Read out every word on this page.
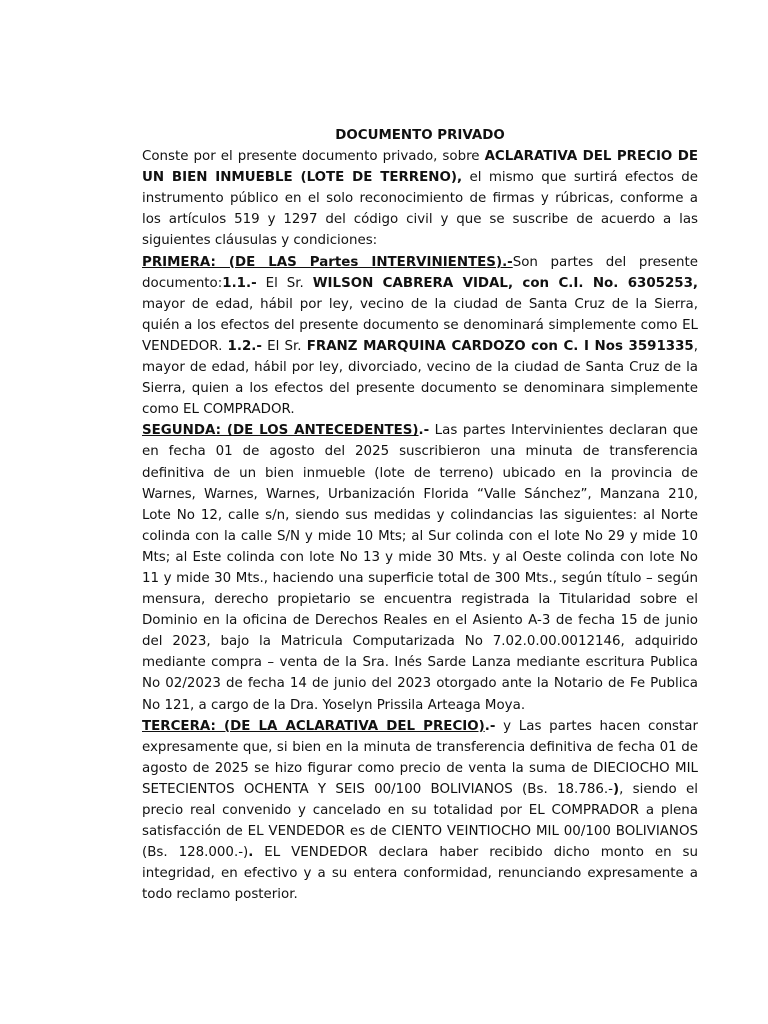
DOCUMENTO PRIVADO

Conste por el presente documento privado, sobre ACLARATIVA DEL PRECIO DE UN BIEN INMUEBLE (LOTE DE TERRENO), el mismo que surtirá efectos de instrumento público en el solo reconocimiento de firmas y rúbricas, conforme a los artículos 519 y 1297 del código civil y que se suscribe de acuerdo a las siguientes cláusulas y condiciones:

PRIMERA: (DE LAS Partes INTERVINIENTES).-Son partes del presente documento:1.1.- El Sr. WILSON CABRERA VIDAL, con C.I. No. 6305253, mayor de edad, hábil por ley, vecino de la ciudad de Santa Cruz de la Sierra, quién a los efectos del presente documento se denominará simplemente como EL VENDEDOR. 1.2.- El Sr. FRANZ MARQUINA CARDOZO con C. I Nos 3591335, mayor de edad, hábil por ley, divorciado, vecino de la ciudad de Santa Cruz de la Sierra, quien a los efectos del presente documento se denominara simplemente como EL COMPRADOR.

SEGUNDA: (DE LOS ANTECEDENTES).- Las partes Intervinientes declaran que en fecha 01 de agosto del 2025 suscribieron una minuta de transferencia definitiva de un bien inmueble (lote de terreno) ubicado en la provincia de Warnes, Warnes, Warnes, Urbanización Florida “Valle Sánchez”, Manzana 210, Lote No 12, calle s/n, siendo sus medidas y colindancias las siguientes: al Norte colinda con la calle S/N y mide 10 Mts; al Sur colinda con el lote No 29 y mide 10 Mts; al Este colinda con lote No 13 y mide 30 Mts. y al Oeste colinda con lote No 11 y mide 30 Mts., haciendo una superficie total de 300 Mts., según título – según mensura, derecho propietario se encuentra registrada la Titularidad sobre el Dominio en la oficina de Derechos Reales en el Asiento A-3 de fecha 15 de junio del 2023, bajo la Matricula Computarizada No 7.02.0.00.0012146, adquirido mediante compra – venta de la Sra. Inés Sarde Lanza mediante escritura Publica No 02/2023 de fecha 14 de junio del 2023 otorgado ante la Notario de Fe Publica No 121, a cargo de la Dra. Yoselyn Prissila Arteaga Moya.

TERCERA: (DE LA ACLARATIVA DEL PRECIO).- y Las partes hacen constar expresamente que, si bien en la minuta de transferencia definitiva de fecha 01 de agosto de 2025 se hizo figurar como precio de venta la suma de DIECIOCHO MIL SETECIENTOS OCHENTA Y SEIS 00/100 BOLIVIANOS (Bs. 18.786.-), siendo el precio real convenido y cancelado en su totalidad por EL COMPRADOR a plena satisfacción de EL VENDEDOR es de CIENTO VEINTIOCHO MIL 00/100 BOLIVIANOS (Bs. 128.000.-). EL VENDEDOR declara haber recibido dicho monto en su integridad, en efectivo y a su entera conformidad, renunciando expresamente a todo reclamo posterior.
